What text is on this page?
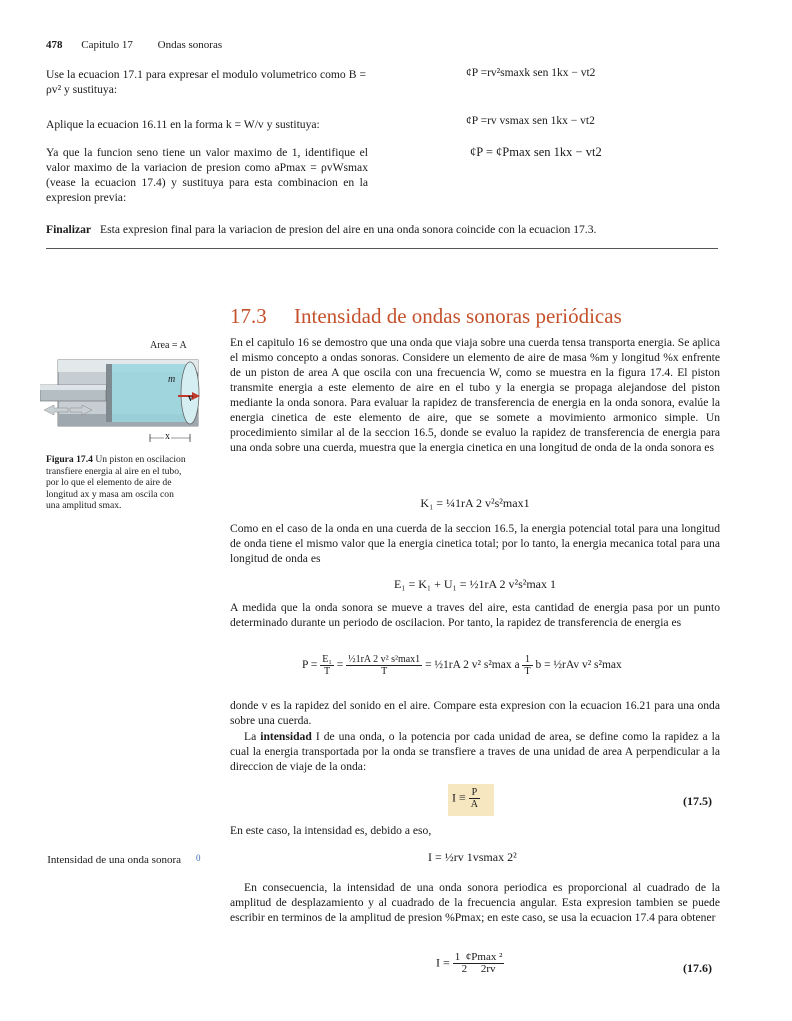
478 Capitulo 17 Ondas sonoras
Use la ecuacion 17.1 para expresar el modulo volumetrico como B = ρv² y sustituya:
¢P =rv²smaxk sen 1kx − vt2
Aplique la ecuacion 16.11 en la forma k = W/v y sustituya:	¢P =rv vsmax sen 1kx − vt2
Ya que la funcion seno tiene un valor maximo de 1, identifique el valor maximo de la variacion de presion como aPmax = ρvWsmax (vease la ecuacion 17.4) y sustituya para esta combinacion en la expresion previa:
¢P = ¢Pmax sen 1kx − vt2
Finalizar Esta expresion final para la variacion de presion del aire en una onda sonora coincide con la ecuacion 17.3.
17.3 Intensidad de ondas sonoras periódicas
Area = A
m
v
x
Figura 17.4 Un piston en oscilacion transfiere energia al aire en el tubo, por lo que el elemento de aire de longitud ax y masa am oscila con una amplitud smax.
En el capitulo 16 se demostro que una onda que viaja sobre una cuerda tensa transporta energia. Se aplica el mismo concepto a ondas sonoras. Considere un elemento de aire de masa %m y longitud %x enfrente de un piston de area A que oscila con una frecuencia W, como se muestra en la figura 17.4. El piston transmite energia a este elemento de aire en el tubo y la energia se propaga alejandose del piston mediante la onda sonora. Para evaluar la rapidez de transferencia de energia en la onda sonora, evalúe la energia cinetica de este elemento de aire, que se somete a movimiento armonico simple. Un procedimiento similar al de la seccion 16.5, donde se evaluo la rapidez de transferencia de energia para una onda sobre una cuerda, muestra que la energia cinetica en una longitud de onda de la onda sonora es
K₁ = ¼1rA 2 v²s²max1
Como en el caso de la onda en una cuerda de la seccion 16.5, la energia potencial total para una longitud de onda tiene el mismo valor que la energia cinetica total; por lo tanto, la energia mecanica total para una longitud de onda es
E₁ = K₁ + U₁ = ½1rA 2 v²s²max 1
A medida que la onda sonora se mueve a traves del aire, esta cantidad de energia pasa por un punto determinado durante un periodo de oscilacion. Por tanto, la rapidez de transferencia de energia es
$P = \frac{\text{E₁}}{T} = \frac{\text{½1rA 2 v² s²max1}}{T}$ = ½1rA 2 v² s²max a $\frac{1}{T}$ b = ½rAv v² s²max
donde v es la rapidez del sonido en el aire. Compare esta expresion con la ecuacion 16.21 para una onda sobre una cuerda.
La intensidad I de una onda, o la potencia por cada unidad de area, se define como la rapidez a la cual la energia transportada por la onda se transfiere a traves de una unidad de area A perpendicular a la direccion de viaje de la onda:
$I \equiv \frac{P}{A}$	(17.5)
En este caso, la intensidad es, debido a eso,
I = ½rv 1vsmax 2²
Intensidad de una onda sonora 0
En consecuencia, la intensidad de una onda sonora periodica es proporcional al cuadrado de la amplitud de desplazamiento y al cuadrado de la frecuencia angular. Esta expresion tambien se puede escribir en terminos de la amplitud de presion %Pmax; en este caso, se usa la ecuacion 17.4 para obtener
$I = \frac{\text{1  ¢Pmax ²}}{2 2rv}$	(17.6)
